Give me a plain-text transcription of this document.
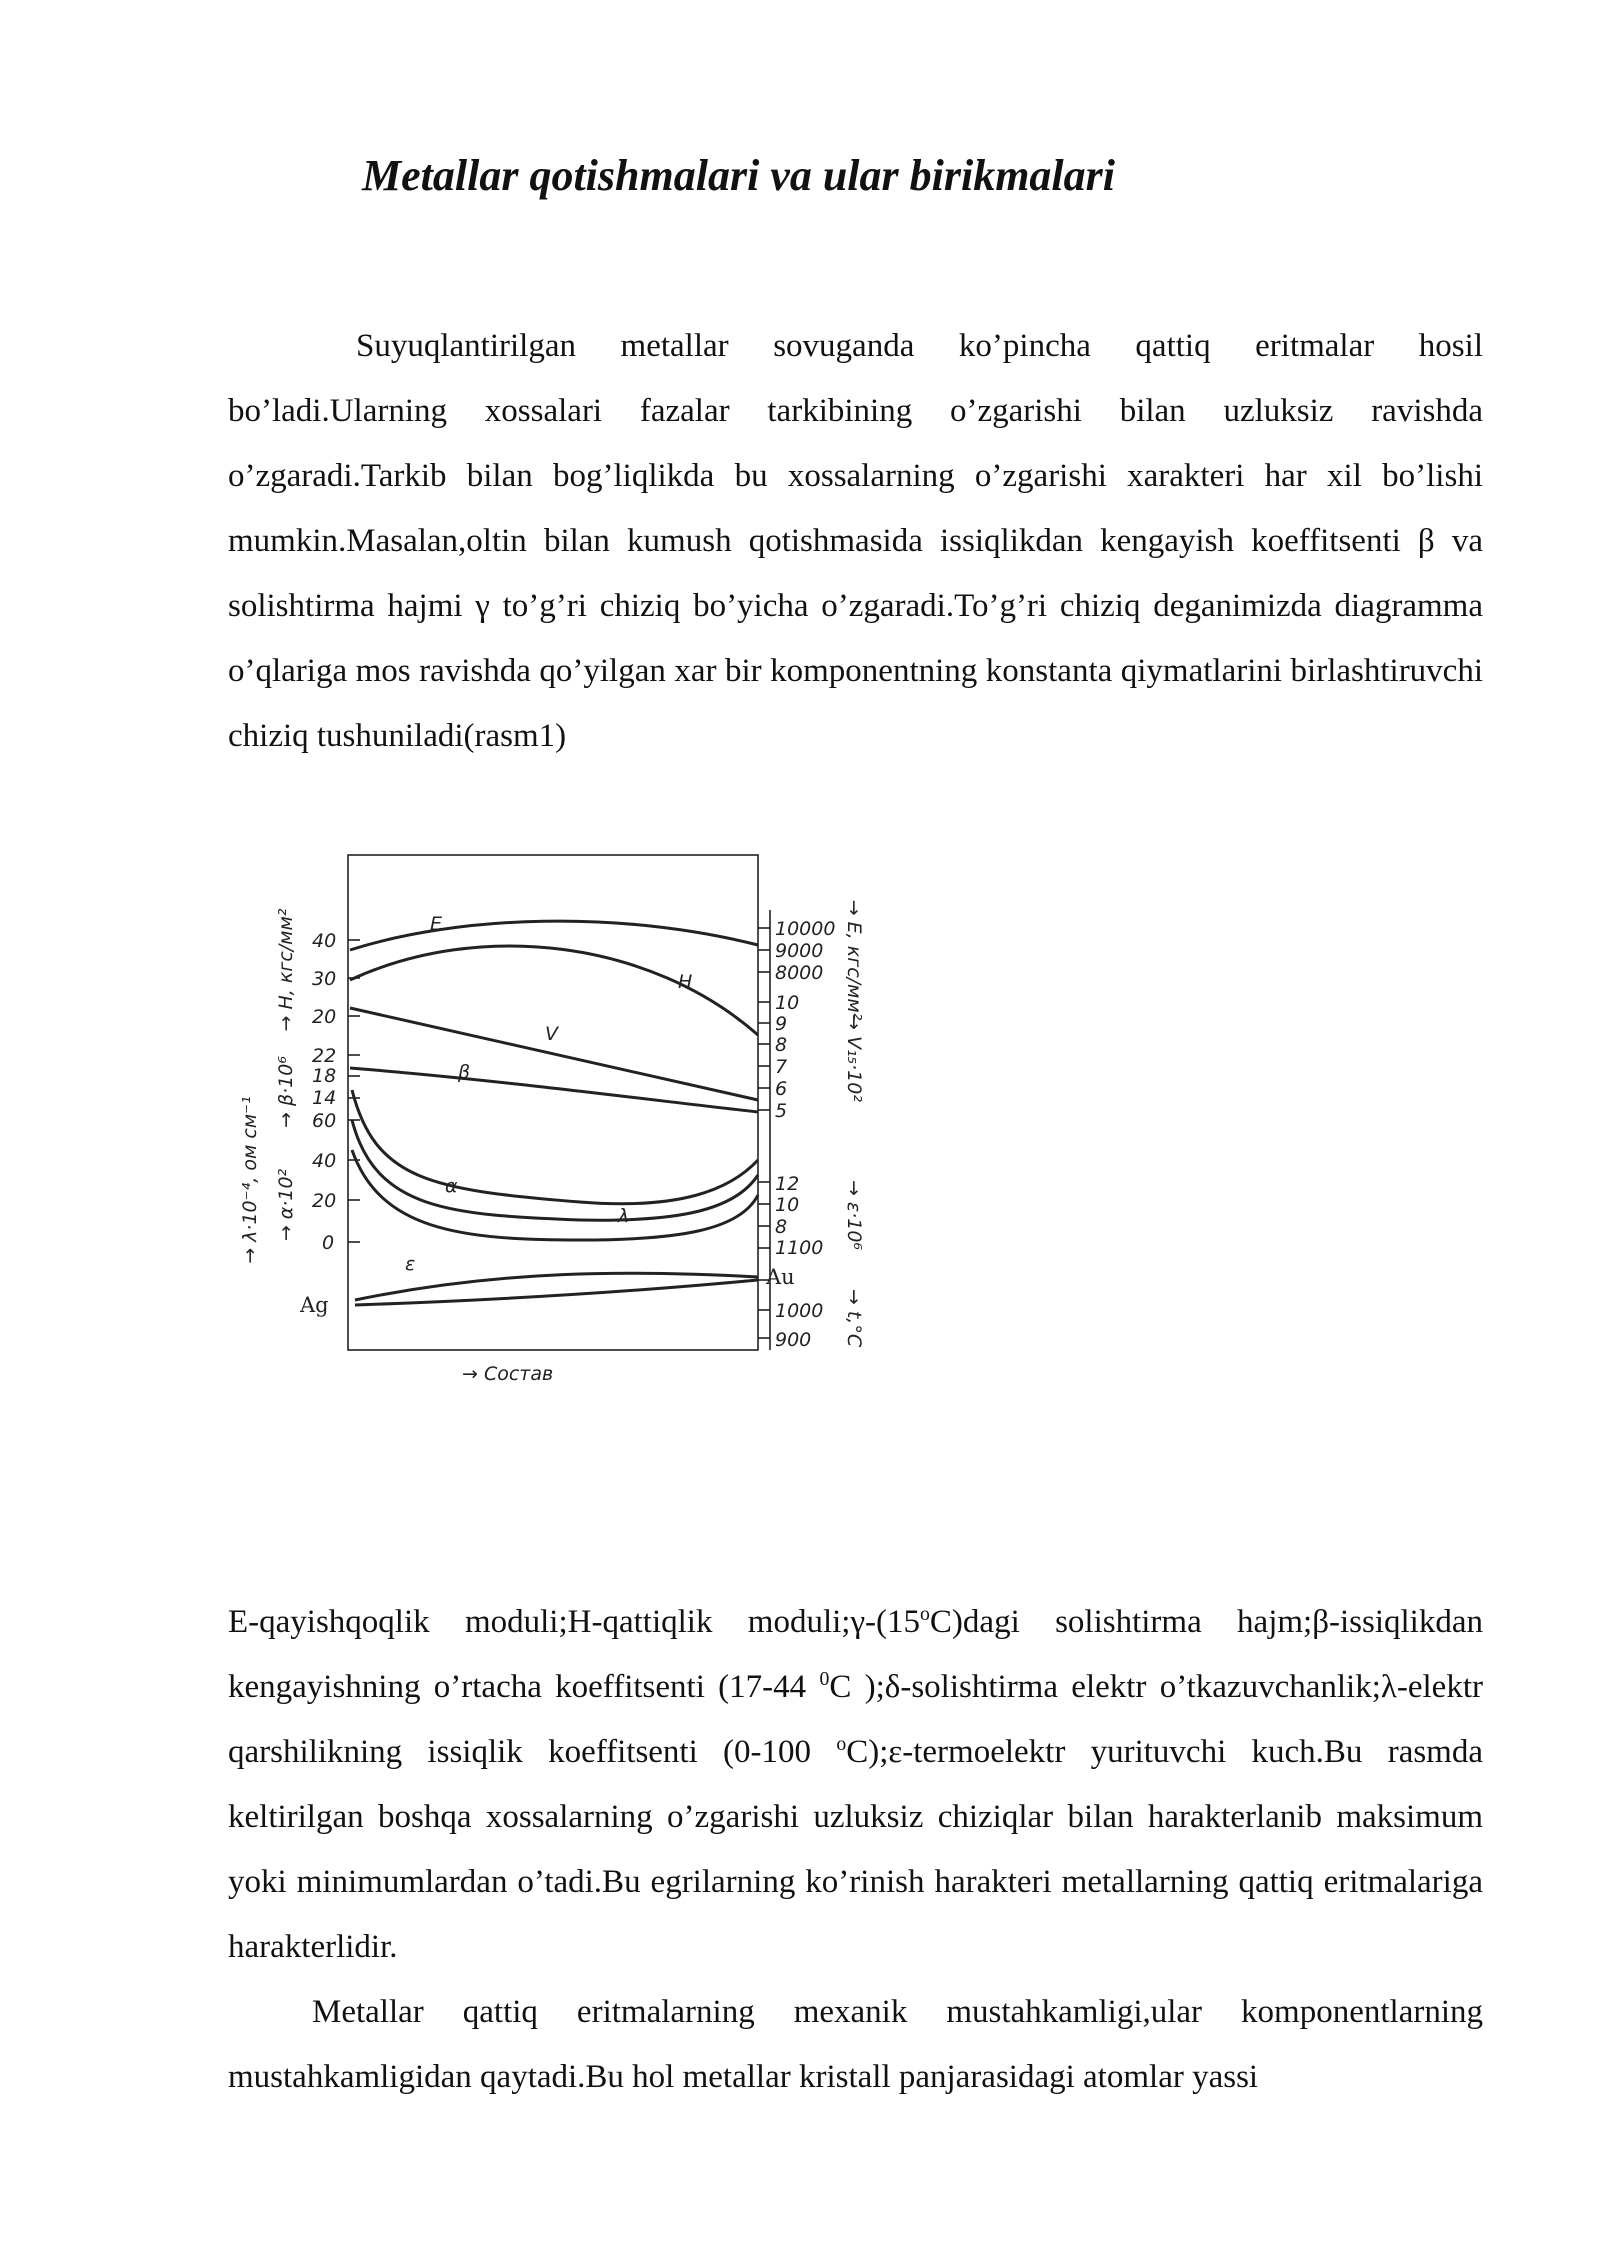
Metallar qotishmalari va ular birikmalari

Suyuqlantirilgan metallar sovuganda ko’pincha qattiq eritmalar hosil bo’ladi.Ularning xossalari fazalar tarkibining o’zgarishi bilan uzluksiz ravishda o’zgaradi.Tarkib bilan bog’liqlikda bu xossalarning o’zgarishi xarakteri har xil bo’lishi mumkin.Masalan,oltin bilan kumush qotishmasida issiqlikdan kengayish koeffitsenti β va solishtirma hajmi γ to’g’ri chiziq bo’yicha o’zgaradi.To’g’ri chiziq deganimizda diagramma o’qlariga mos ravishda qo’yilgan xar bir komponentning konstanta qiymatlarini birlashtiruvchi chiziq tushuniladi(rasm1)

E
H
V
β
α
λ
ε
40
30
20
22
18
14
60
40
20
0
10000
9000
8000
10
9
8
7
6
5
12
10
8
1100
1000
900
Ag
Au
→ Состав
→ H, кгс/мм²
→ β·10⁶
→ α·10²
→ λ·10⁻⁴, ом см⁻¹
→ E, кгс/мм²
→ V₁₅·10²
→ ε·10⁶
→ t,°C

E-qayishqoqlik moduli;H-qattiqlik moduli;γ-(15$^o$C)dagi solishtirma hajm;β-issiqlikdan kengayishning o’rtacha koeffitsenti (17-44 $^0$C );δ-solishtirma elektr o’tkazuvchanlik;λ-elektr qarshilikning issiqlik koeffitsenti (0-100 $^o$C);ε-termoelektr yurituvchi kuch.Bu rasmda keltirilgan boshqa xossalarning o’zgarishi uzluksiz chiziqlar bilan harakterlanib maksimum yoki minimumlardan o’tadi.Bu egrilarning ko’rinish harakteri metallarning qattiq eritmalariga harakterlidir.

Metallar qattiq eritmalarning mexanik mustahkamligi,ular komponentlarning mustahkamligidan qaytadi.Bu hol metallar kristall panjarasidagi atomlar yassi
